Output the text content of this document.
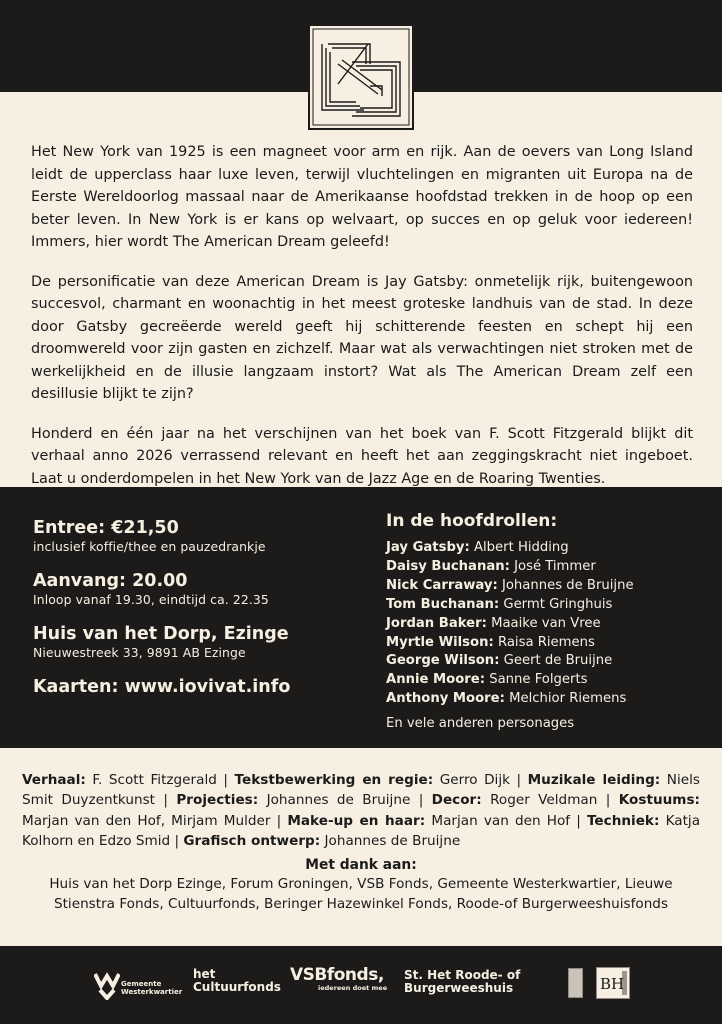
Het New York van 1925 is een magneet voor arm en rijk. Aan de oevers van Long Island leidt de upperclass haar luxe leven, terwijl vluchtelingen en migranten uit Europa na de Eerste Wereldoorlog massaal naar de Amerikaanse hoofdstad trekken in de hoop op een beter leven. In New York is er kans op welvaart, op succes en op geluk voor iedereen! Immers, hier wordt The American Dream geleefd!

De personificatie van deze American Dream is Jay Gatsby: onmetelijk rijk, buitengewoon succesvol, charmant en woonachtig in het meest groteske landhuis van de stad. In deze door Gatsby gecreëerde wereld geeft hij schitterende feesten en schept hij een droomwereld voor zijn gasten en zichzelf. Maar wat als verwachtingen niet stroken met de werkelijkheid en de illusie langzaam instort? Wat als The American Dream zelf een desillusie blijkt te zijn?

Honderd en één jaar na het verschijnen van het boek van F. Scott Fitzgerald blijkt dit verhaal anno 2026 verrassend relevant en heeft het aan zeggingskracht niet ingeboet. Laat u onderdompelen in het New York van de Jazz Age en de Roaring Twenties.

Entree: €21,50
inclusief koffie/thee en pauzedrankje
Aanvang: 20.00
Inloop vanaf 19.30, eindtijd ca. 22.35
Huis van het Dorp, Ezinge
Nieuwestreek 33, 9891 AB Ezinge
Kaarten: www.iovivat.info
In de hoofdrollen:
Jay Gatsby: Albert Hidding
Daisy Buchanan: José Timmer
Nick Carraway: Johannes de Bruijne
Tom Buchanan: Germt Gringhuis
Jordan Baker: Maaike van Vree
Myrtle Wilson: Raisa Riemens
George Wilson: Geert de Bruijne
Annie Moore: Sanne Folgerts
Anthony Moore: Melchior Riemens
En vele anderen personages
Verhaal: F. Scott Fitzgerald | Tekstbewerking en regie: Gerro Dijk | Muzikale leiding: Niels Smit Duyzentkunst | Projecties: Johannes de Bruijne | Decor: Roger Veldman | Kostuums: Marjan van den Hof, Mirjam Mulder | Make-up en haar: Marjan van den Hof | Techniek: Katja Kolhorn en Edzo Smid | Grafisch ontwerp: Johannes de Bruijne
Met dank aan:
Huis van het Dorp Ezinge, Forum Groningen, VSB Fonds, Gemeente Westerkwartier, Lieuwe Stienstra Fonds, Cultuurfonds, Beringer Hazewinkel Fonds, Roode-of Burgerweeshuisfonds
Gemeente
Westerkwartier
het
Cultuurfonds
VSBfonds,
iedereen doet mee
St. Het Roode- of
Burgerweeshuis	BH
